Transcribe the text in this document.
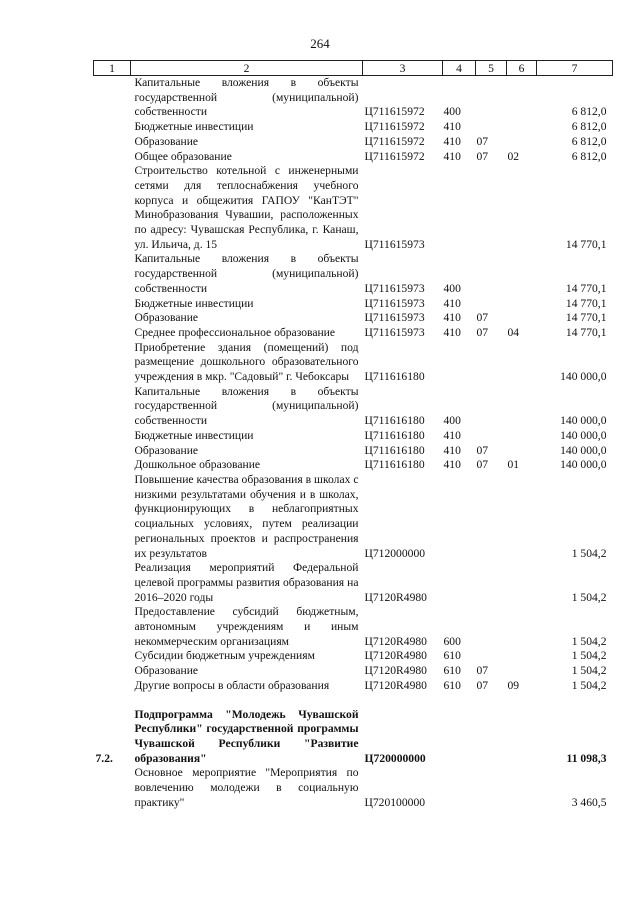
264
1	2	3	4	5	6	7
	Капитальные вложения в объекты государственной (муниципальной) собственности	Ц711615972	400			6 812,0
	Бюджетные инвестиции	Ц711615972	410			6 812,0
	Образование	Ц711615972	410	07		6 812,0
	Общее образование	Ц711615972	410	07	02	6 812,0
	Строительство котельной с инженерными сетями для теплоснабжения учебного корпуса и общежития ГАПОУ "КанТЭТ" Минобразования Чувашии, расположенных по адресу: Чувашская Республика, г. Канаш, ул. Ильича, д. 15	Ц711615973				14 770,1
	Капитальные вложения в объекты государственной (муниципальной) собственности	Ц711615973	400			14 770,1
	Бюджетные инвестиции	Ц711615973	410			14 770,1
	Образование	Ц711615973	410	07		14 770,1
	Среднее профессиональное образование	Ц711615973	410	07	04	14 770,1
	Приобретение здания (помещений) под размещение дошкольного образовательного учреждения в мкр. "Садовый" г. Чебоксары	Ц711616180				140 000,0
	Капитальные вложения в объекты государственной (муниципальной) собственности	Ц711616180	400			140 000,0
	Бюджетные инвестиции	Ц711616180	410			140 000,0
	Образование	Ц711616180	410	07		140 000,0
	Дошкольное образование	Ц711616180	410	07	01	140 000,0
	Повышение качества образования в школах с низкими результатами обучения и в школах, функционирующих в неблагоприятных социальных условиях, путем реализации региональных проектов и распространения их результатов	Ц712000000				1 504,2
	Реализация мероприятий Федеральной целевой программы развития образования на 2016–2020 годы	Ц7120R4980				1 504,2
	Предоставление субсидий бюджетным, автономным учреждениям и иным некоммерческим организациям	Ц7120R4980	600			1 504,2
	Субсидии бюджетным учреждениям	Ц7120R4980	610			1 504,2
	Образование	Ц7120R4980	610	07		1 504,2
	Другие вопросы в области образования	Ц7120R4980	610	07	09	1 504,2

7.2.	Подпрограмма "Молодежь Чувашской Республики" государственной программы Чувашской Республики "Развитие образования"	Ц720000000				11 098,3
	Основное мероприятие "Мероприятия по вовлечению молодежи в социальную практику"	Ц720100000				3 460,5
